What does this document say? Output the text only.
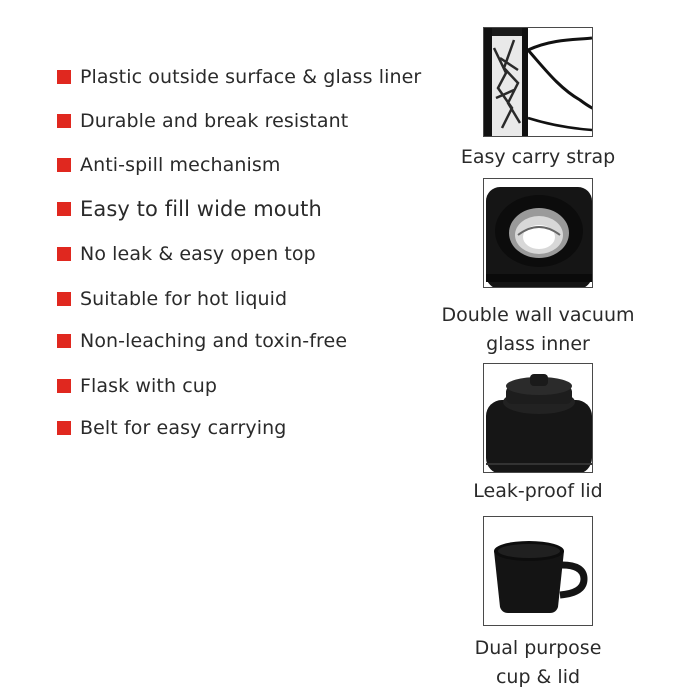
Plastic outside surface & glass liner
Durable and break resistant
Anti-spill mechanism
Easy to fill wide mouth
No leak & easy open top
Suitable for hot liquid
Non-leaching and toxin-free
Flask with cup
Belt for easy carrying
Easy carry strap
Double wall vacuum
glass inner
Leak-proof lid
Dual purpose
cup & lid
